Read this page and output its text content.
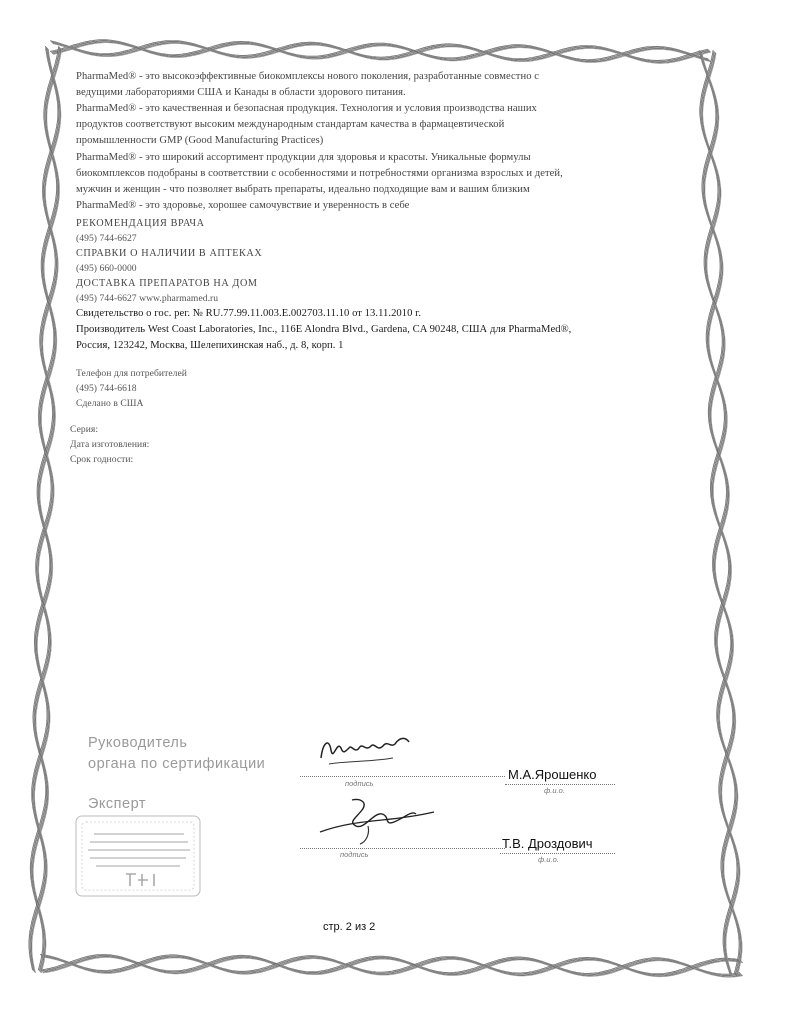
PharmaMed® - это высокоэффективные биокомплексы нового поколения, разработанные совместно с
ведущими лабораториями США и Канады в области здорового питания.
PharmaMed® - это качественная и безопасная продукция. Технология и условия производства наших
продуктов соответствуют высоким международным стандартам качества в фармацевтической
промышленности GMP (Good Manufacturing Practices)
PharmaMed® - это широкий ассортимент продукции для здоровья и красоты. Уникальные формулы
биокомплексов подобраны в соответствии с особенностями и потребностями организма взрослых и детей,
мужчин и женщин - что позволяет выбрать препараты, идеально подходящие вам и вашим близким
PharmaMed® - это здоровье, хорошее самочувствие и уверенность в себе
РЕКОМЕНДАЦИЯ ВРАЧА
(495) 744-6627
СПРАВКИ О НАЛИЧИИ В АПТЕКАХ
(495) 660-0000
ДОСТАВКА ПРЕПАРАТОВ НА ДОМ
(495) 744-6627 www.pharmamed.ru
Свидетельство о гос. рег. № RU.77.99.11.003.Е.002703.11.10 от 13.11.2010 г.
Производитель West Coast Laboratories, Inc., 116E Alondra Blvd., Gardena, CA 90248, США для PharmaMed®,
Россия, 123242, Москва, Шелепихинская наб., д. 8, корп. 1
Телефон для потребителей
(495) 744-6618
Сделано в США
Серия:
Дата изготовления:
Срок годности:
Руководитель
органа по сертификации
подпись
М.А.Ярошенко
ф.и.о.
Эксперт
подпись
Т.В. Дроздович
ф.и.о.
стр. 2 из 2
